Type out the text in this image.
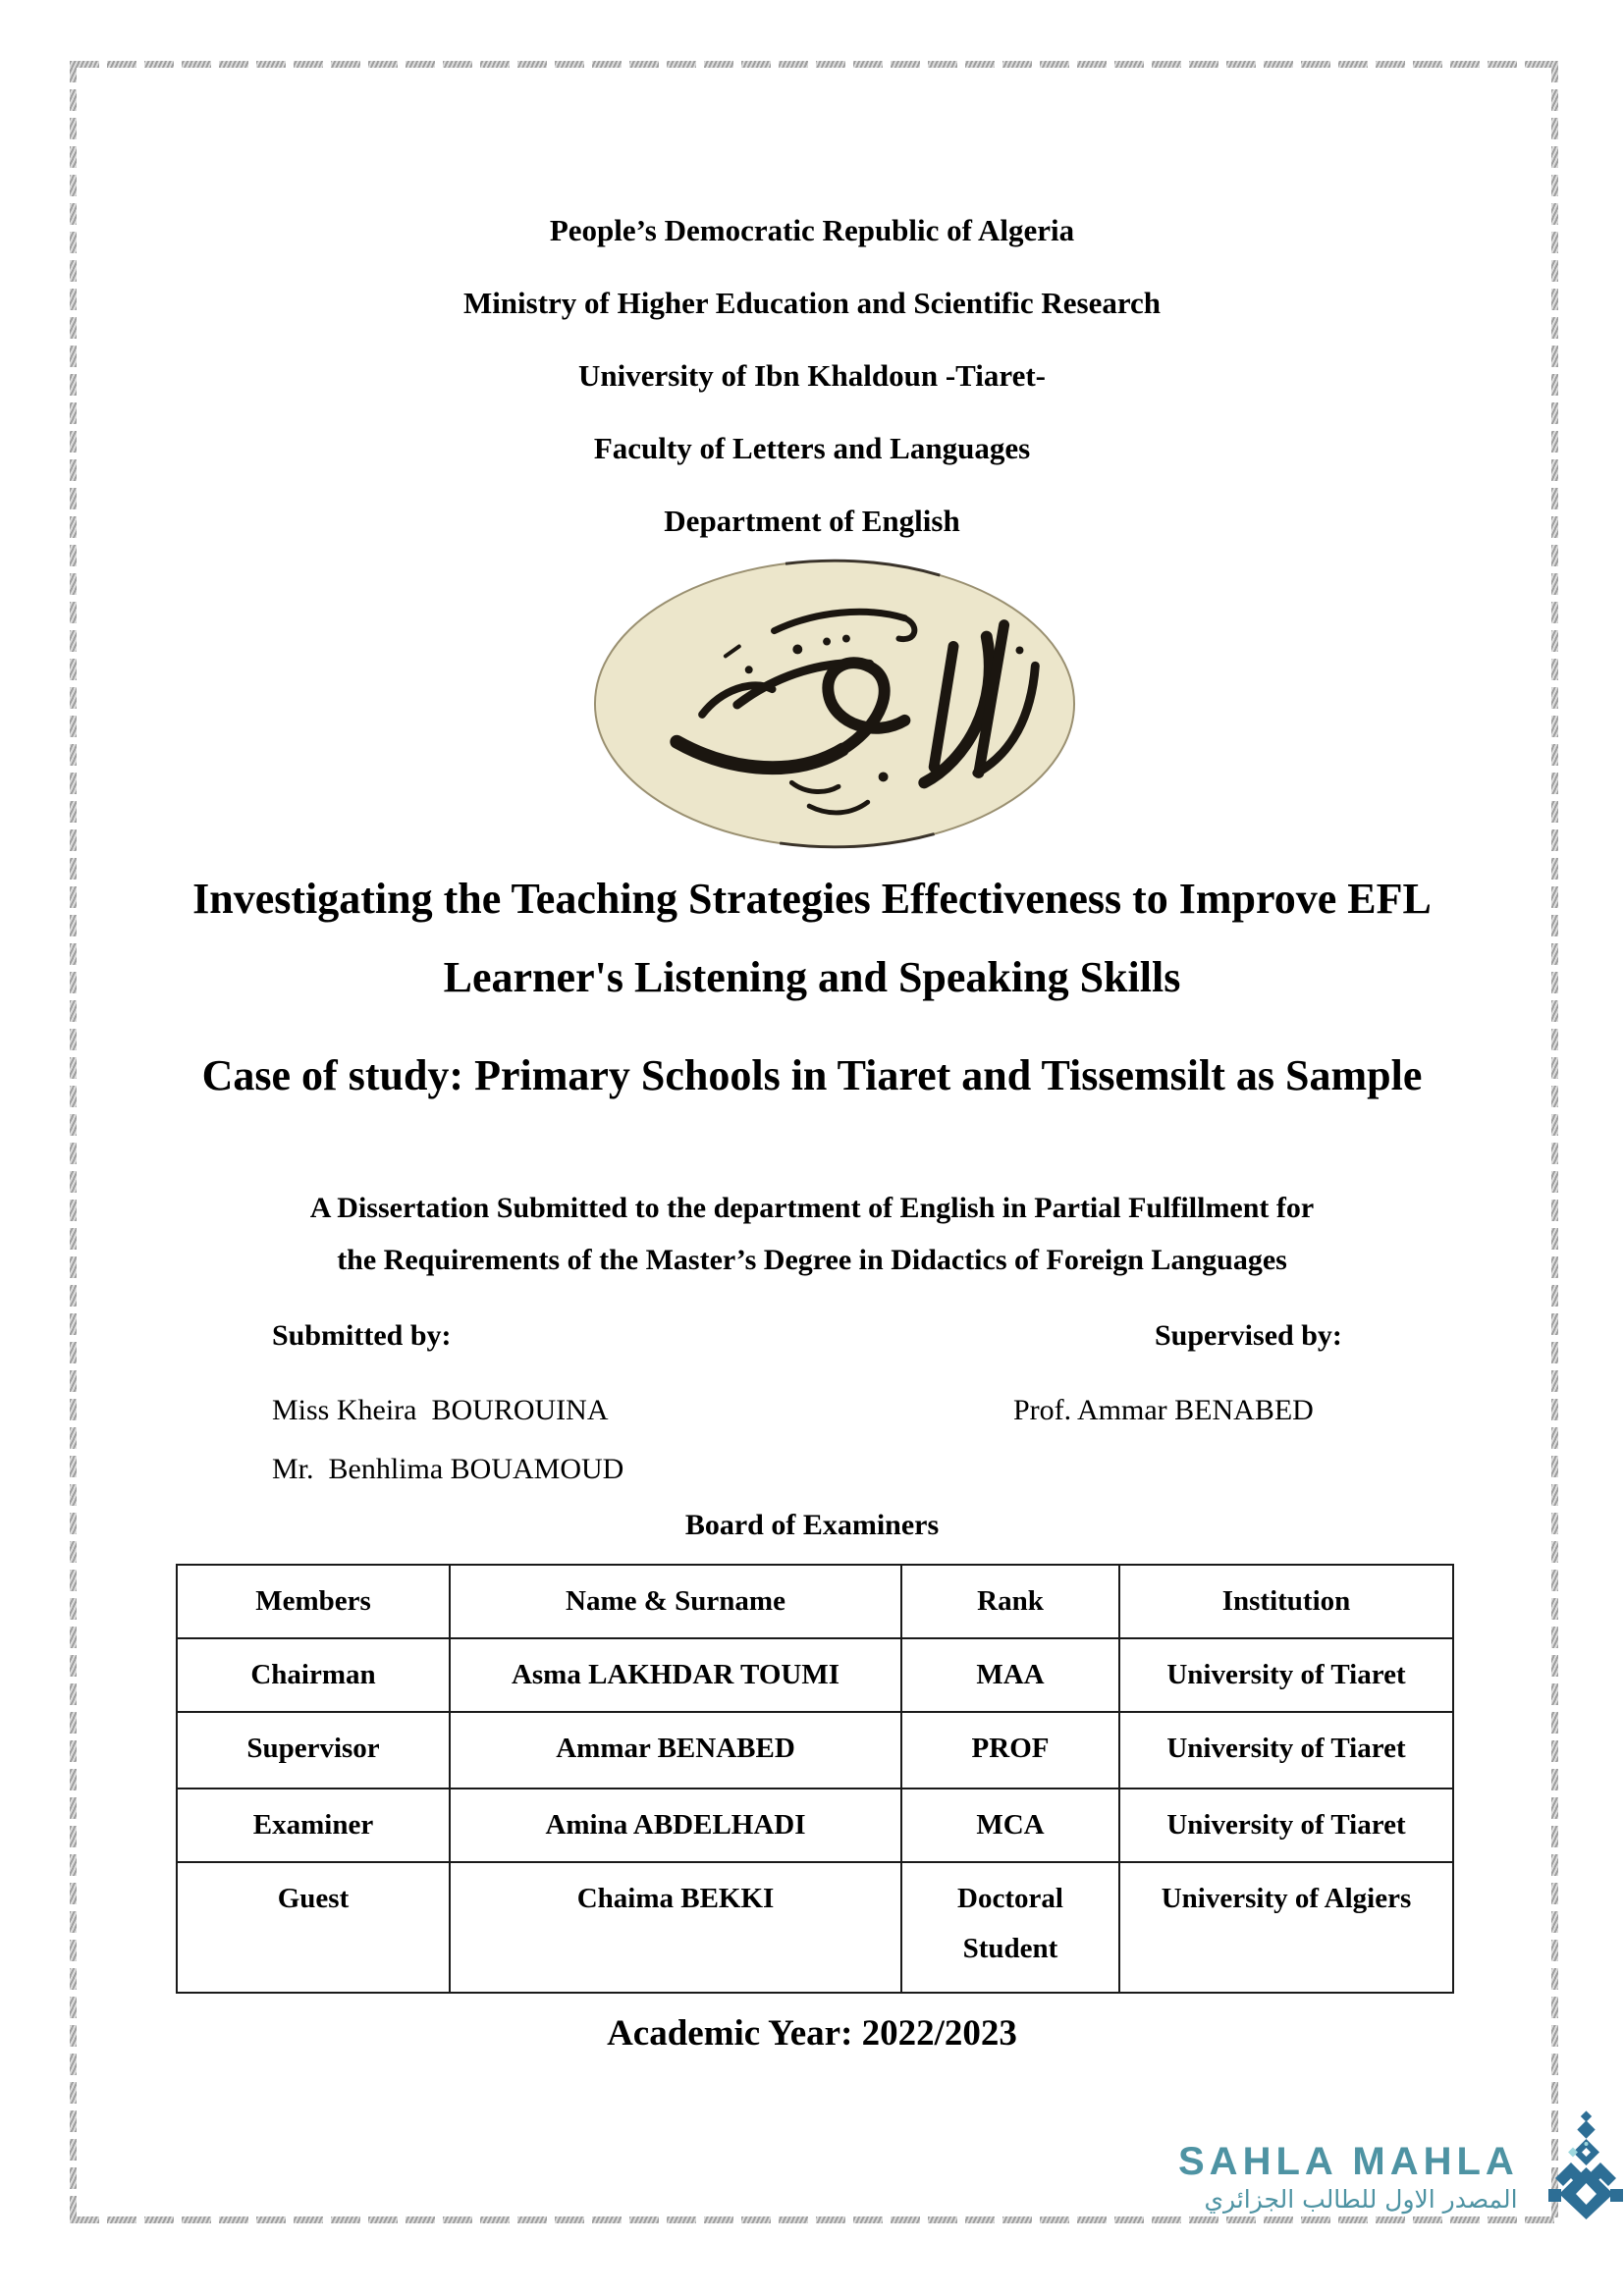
People’s Democratic Republic of Algeria
Ministry of Higher Education and Scientific Research
University of Ibn Khaldoun -Tiaret-
Faculty of Letters and Languages
Department of English
Investigating the Teaching Strategies Effectiveness to Improve EFL
Learner's Listening and Speaking Skills
Case of study: Primary Schools in Tiaret and Tissemsilt as Sample
A Dissertation Submitted to the department of English in Partial Fulfillment for
the Requirements of the Master’s Degree in Didactics of Foreign Languages
Submitted by:	Supervised by:
Miss Kheira  BOUROUINA	Prof. Ammar BENABED
Mr.  Benhlima BOUAMOUD
Board of Examiners
Members	Name & Surname	Rank	Institution
Chairman	Asma LAKHDAR TOUMI	MAA	University of Tiaret
Supervisor	Ammar BENABED	PROF	University of Tiaret
Examiner	Amina ABDELHADI	MCA	University of Tiaret
Guest	Chaima BEKKI	Doctoral Student	University of Algiers
Academic Year: 2022/2023
SAHLA MAHLA
المصدر الاول للطالب الجزائري
